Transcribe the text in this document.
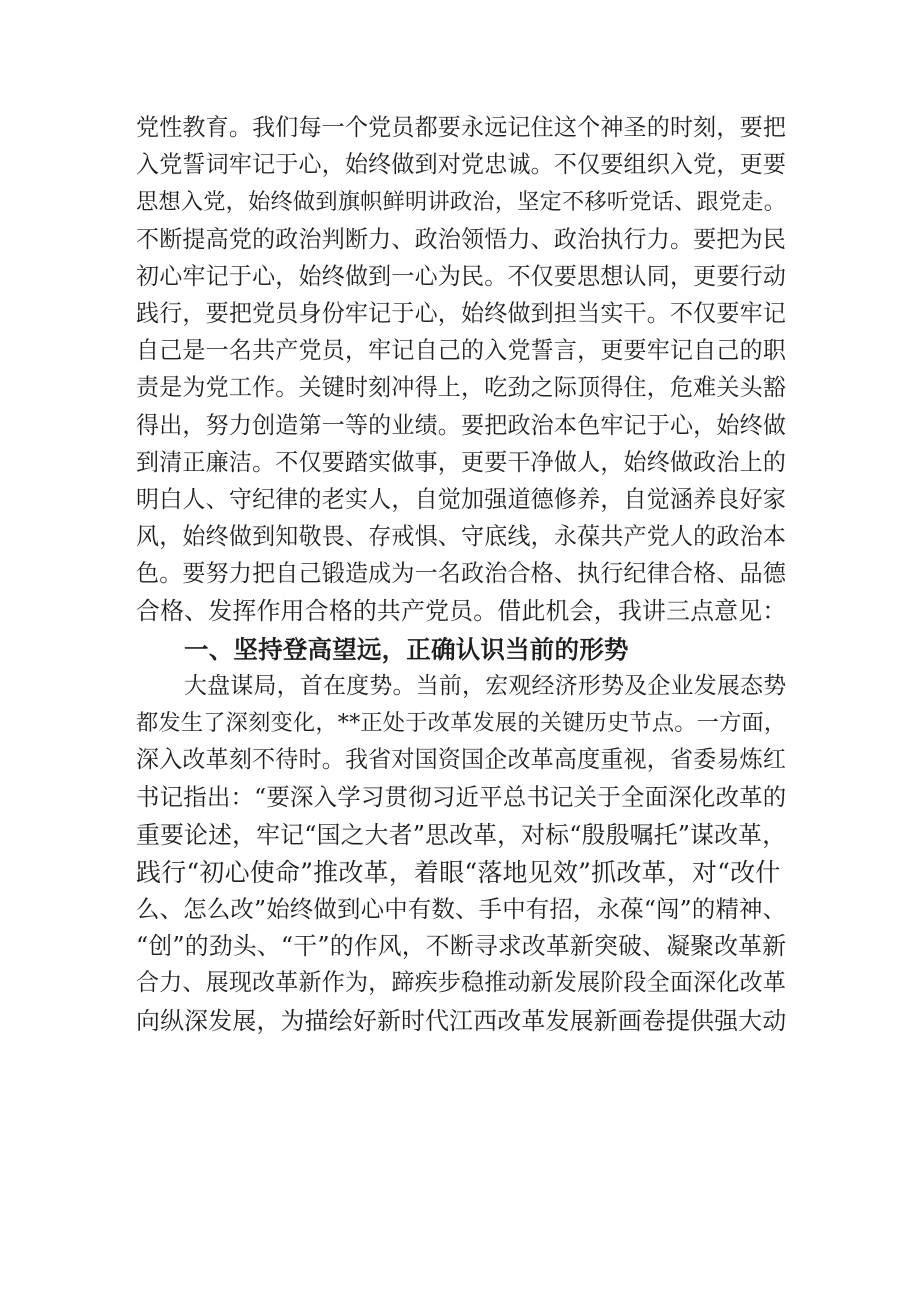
党性教育。我们每一个党员都要永远记住这个神圣的时刻，要把
入党誓词牢记于心，始终做到对党忠诚。不仅要组织入党，更要
思想入党，始终做到旗帜鲜明讲政治，坚定不移听党话、跟党走。
不断提高党的政治判断力、政治领悟力、政治执行力。要把为民
初心牢记于心，始终做到一心为民。不仅要思想认同，更要行动
践行，要把党员身份牢记于心，始终做到担当实干。不仅要牢记
自己是一名共产党员，牢记自己的入党誓言，更要牢记自己的职
责是为党工作。关键时刻冲得上，吃劲之际顶得住，危难关头豁
得出，努力创造第一等的业绩。要把政治本色牢记于心，始终做
到清正廉洁。不仅要踏实做事，更要干净做人，始终做政治上的
明白人、守纪律的老实人，自觉加强道德修养，自觉涵养良好家
风，始终做到知敬畏、存戒惧、守底线，永葆共产党人的政治本
色。要努力把自己锻造成为一名政治合格、执行纪律合格、品德
合格、发挥作用合格的共产党员。借此机会，我讲三点意见：
一、坚持登高望远，正确认识当前的形势
大盘谋局，首在度势。当前，宏观经济形势及企业发展态势
都发生了深刻变化，**正处于改革发展的关键历史节点。一方面，
深入改革刻不待时。我省对国资国企改革高度重视，省委易炼红
书记指出：“要深入学习贯彻习近平总书记关于全面深化改革的
重要论述，牢记“国之大者”思改革，对标“殷殷嘱托”谋改革，
践行“初心使命”推改革，着眼“落地见效”抓改革，对“改什
么、怎么改”始终做到心中有数、手中有招，永葆“闯”的精神、
“创”的劲头、“干”的作风，不断寻求改革新突破、凝聚改革新
合力、展现改革新作为，蹄疾步稳推动新发展阶段全面深化改革
向纵深发展，为描绘好新时代江西改革发展新画卷提供强大动
